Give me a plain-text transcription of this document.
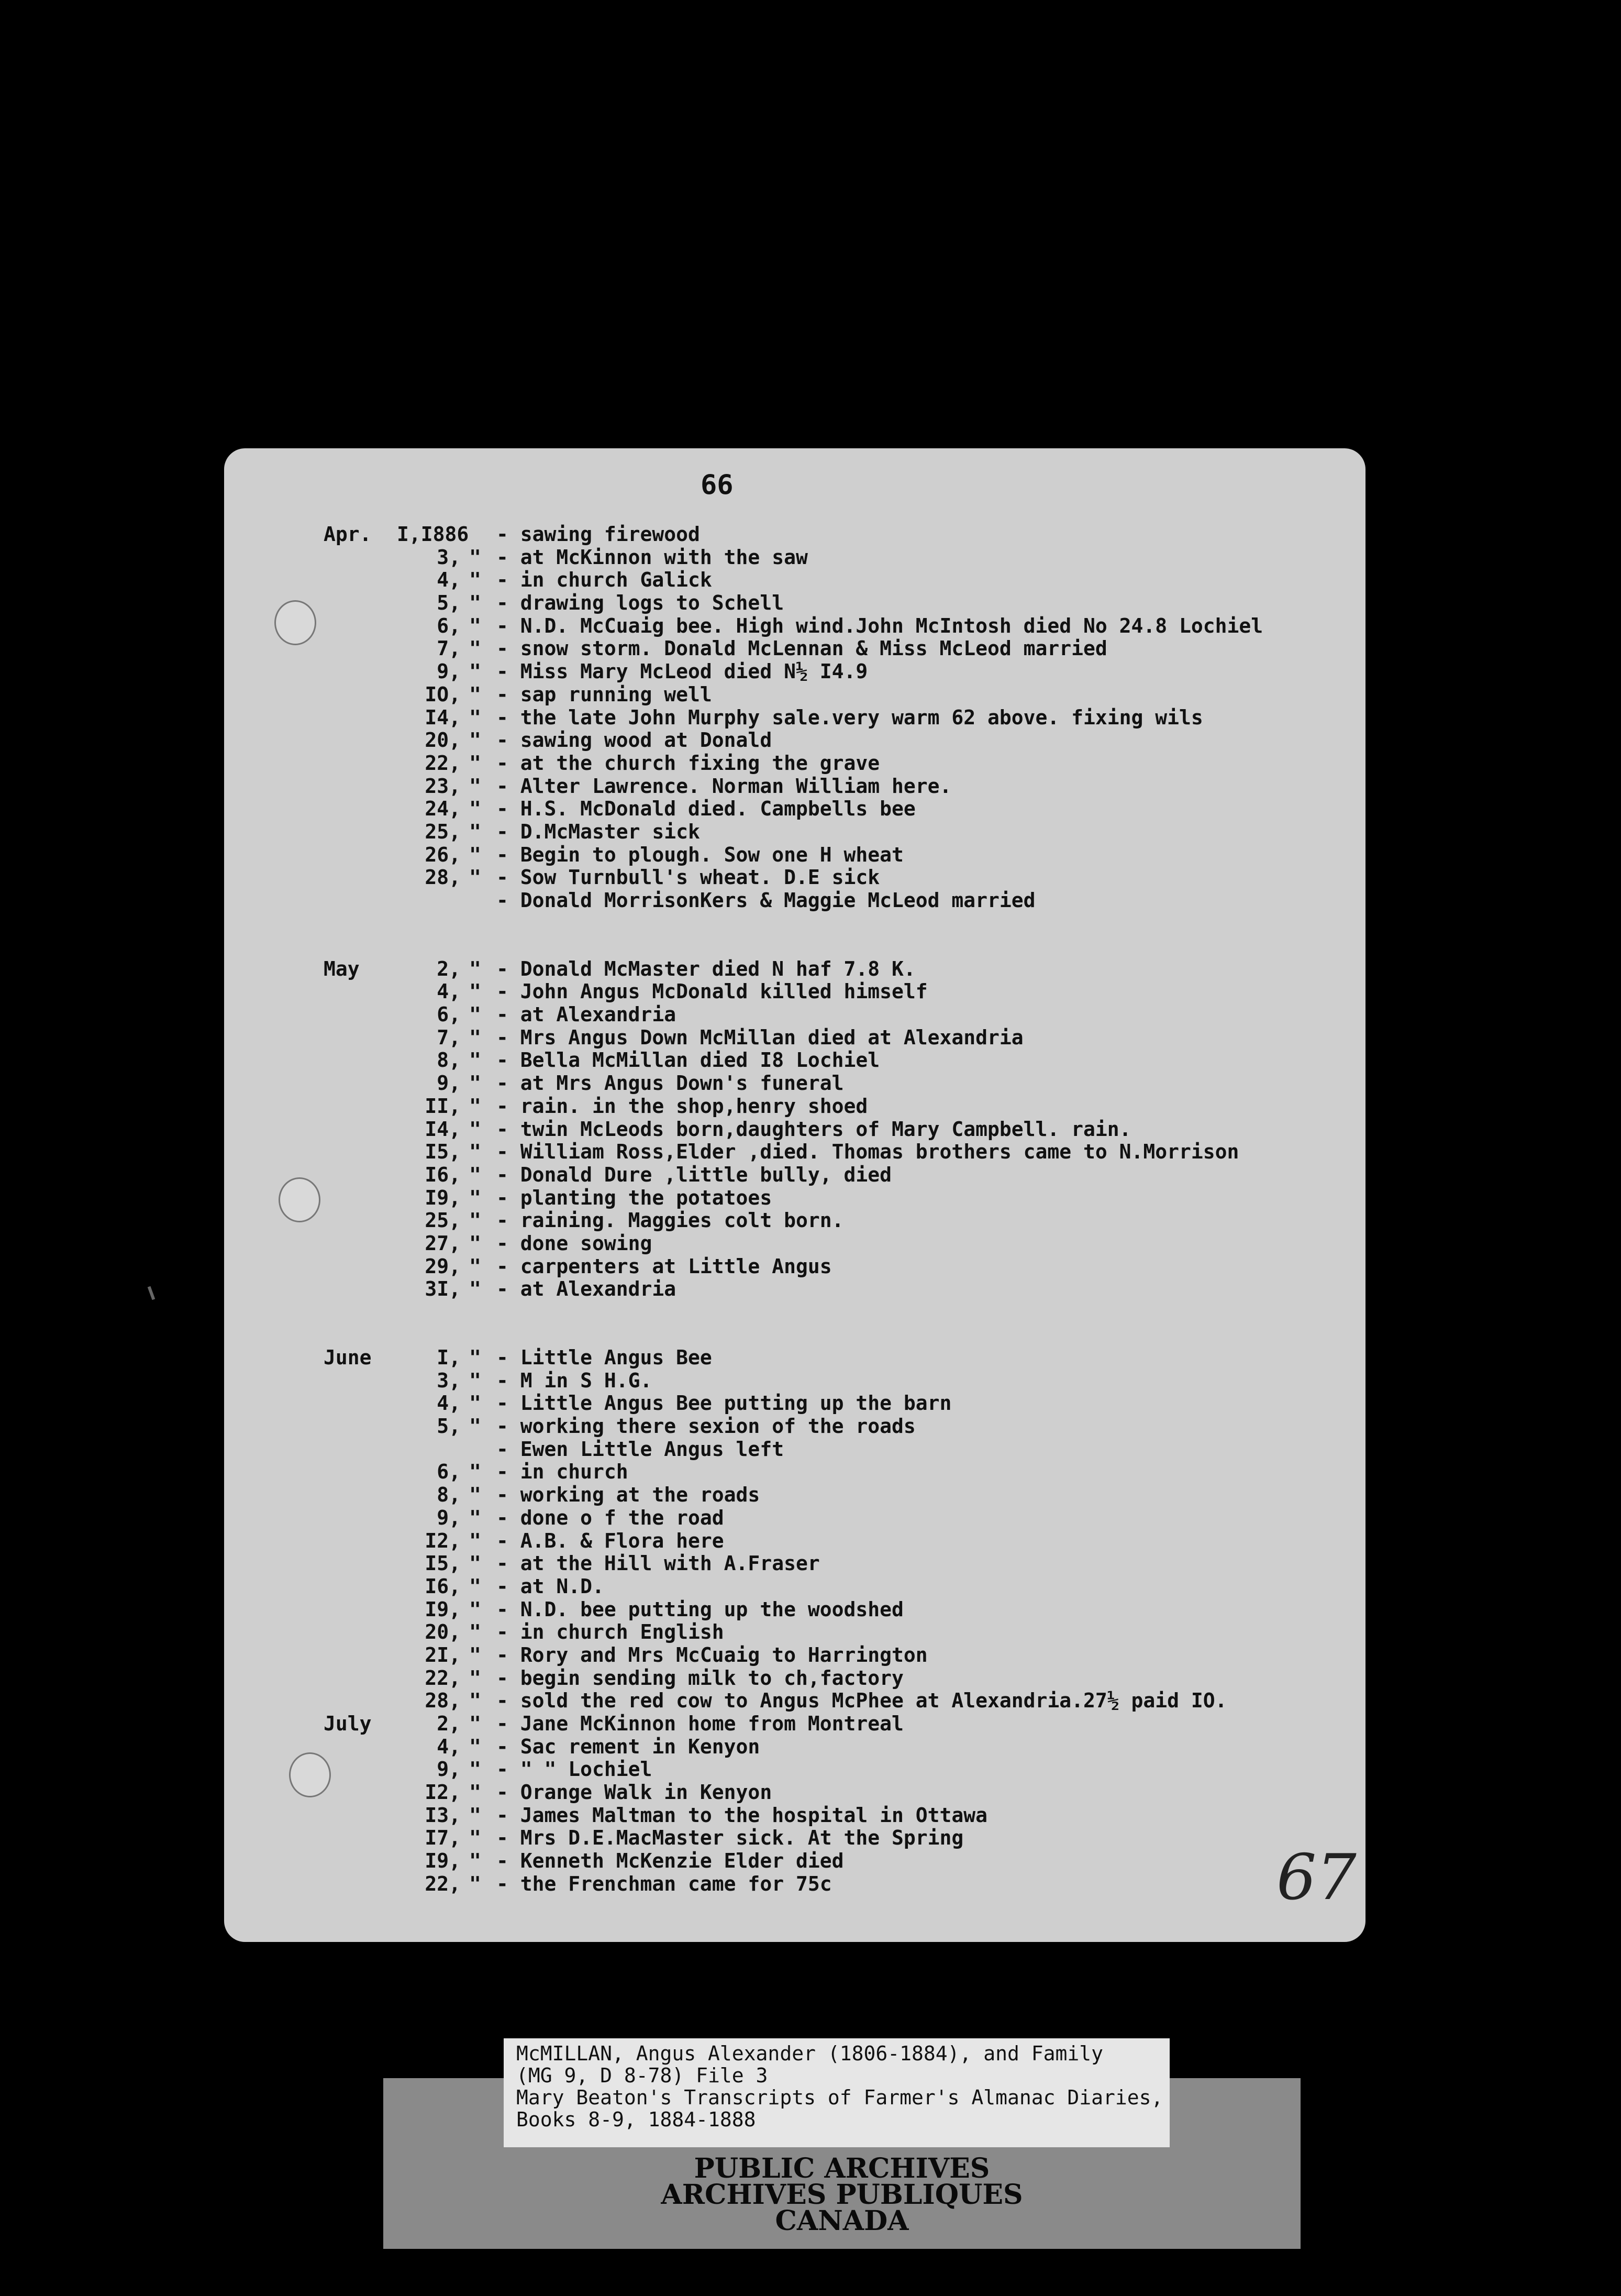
66
Apr. I,I886 - sawing firewood
3, " - at McKinnon with the saw
4, " - in church Galick
5, " - drawing logs to Schell
6, " - N.D. McCuaig bee. High wind.John McIntosh died No 24.8 Lochiel
7, " - snow storm. Donald McLennan & Miss McLeod married
9, " - Miss Mary McLeod died N½ I4.9
IO, " - sap running well
I4, " - the late John Murphy sale.very warm 62 above. fixing wils
20, " - sawing wood at Donald
22, " - at the church fixing the grave
23, " - Alter Lawrence. Norman William here.
24, " - H.S. McDonald died. Campbells bee
25, " - D.McMaster sick
26, " - Begin to plough. Sow one H wheat
28, " - Sow Turnbull's wheat. D.E sick
- Donald MorrisonKers & Maggie McLeod married
May	2, " - Donald McMaster died N haf 7.8 K.
4, " - John Angus McDonald killed himself
6, " - at Alexandria
7, " - Mrs Angus Down McMillan died at Alexandria
8, " - Bella McMillan died I8 Lochiel
9, " - at Mrs Angus Down's funeral
II, " - rain. in the shop,henry shoed
I4, " - twin McLeods born,daughters of Mary Campbell. rain.
I5, " - William Ross,Elder ,died. Thomas brothers came to N.Morrison
I6, " - Donald Dure ,little bully, died
I9, " - planting the potatoes
25, " - raining. Maggies colt born.
27, " - done sowing
29, " - carpenters at Little Angus
3I, " - at Alexandria
June	I, " - Little Angus Bee
3, " - M in S H.G.
4, " - Little Angus Bee putting up the barn
5, " - working there sexion of the roads
- Ewen Little Angus left
6, " - in church
8, " - working at the roads
9, " - done o f the road
I2, " - A.B. & Flora here
I5, " - at the Hill with A.Fraser
I6, " - at N.D.
I9, " - N.D. bee putting up the woodshed
20, " - in church English
2I, " - Rory and Mrs McCuaig to Harrington
22, " - begin sending milk to ch,factory
28, " - sold the red cow to Angus McPhee at Alexandria.27½ paid IO.
July	2, " - Jane McKinnon home from Montreal
4, " - Sac rement in Kenyon
9, " - " " Lochiel
I2, " - Orange Walk in Kenyon
I3, " - James Maltman to the hospital in Ottawa
I7, " - Mrs D.E.MacMaster sick. At the Spring
I9, " - Kenneth McKenzie Elder died
22, " - the Frenchman came for 75c	67
PUBLIC ARCHIVES
ARCHIVES PUBLIQUES
CANADA
McMILLAN, Angus Alexander (1806-1884), and Family
(MG 9, D 8-78) File 3
Mary Beaton's Transcripts of Farmer's Almanac Diaries,
Books 8-9, 1884-1888
